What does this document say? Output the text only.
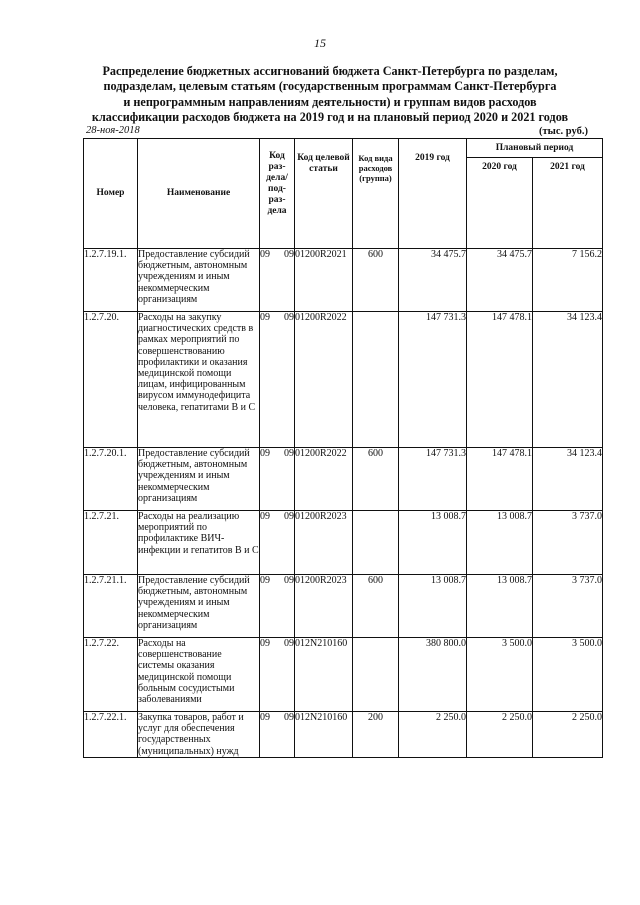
15
Распределение бюджетных ассигнований бюджета Санкт-Петербурга по разделам,
подразделам, целевым статьям (государственным программам Санкт-Петербурга
и непрограммным направлениям деятельности) и группам видов расходов
классификации расходов бюджета на 2019 год и на плановый период 2020 и 2021 годов
28-ноя-2018	(тыс. руб.)
Номер	Наименование	Код раз-дела/ под-раз-дела	Код целевой статьи	Код вида расходов (группа)	2019 год	Плановый период	
						2020 год	2021 год
1.2.7.19.1.	Предоставление субсидий бюджетным, автономным учреждениям и иным некоммерческим организациям	09 09	01200R2021	600	34 475.7	34 475.7	7 156.2
1.2.7.20.	Расходы на закупку диагностических средств в рамках мероприятий по совершенствованию профилактики и оказания медицинской помощи лицам, инфицированным вирусом иммунодефицита человека, гепатитами В и С	09 09	01200R2022		147 731.3	147 478.1	34 123.4
1.2.7.20.1.	Предоставление субсидий бюджетным, автономным учреждениям и иным некоммерческим организациям	09 09	01200R2022	600	147 731.3	147 478.1	34 123.4
1.2.7.21.	Расходы на реализацию мероприятий по профилактике ВИЧ-инфекции и гепатитов В и С	09 09	01200R2023		13 008.7	13 008.7	3 737.0
1.2.7.21.1.	Предоставление субсидий бюджетным, автономным учреждениям и иным некоммерческим организациям	09 09	01200R2023	600	13 008.7	13 008.7	3 737.0
1.2.7.22.	Расходы на совершенствование системы оказания медицинской помощи больным сосудистыми заболеваниями	09 09	012N210160		380 800.0	3 500.0	3 500.0
1.2.7.22.1.	Закупка товаров, работ и услуг для обеспечения государственных (муниципальных) нужд	09 09	012N210160	200	2 250.0	2 250.0	2 250.0
